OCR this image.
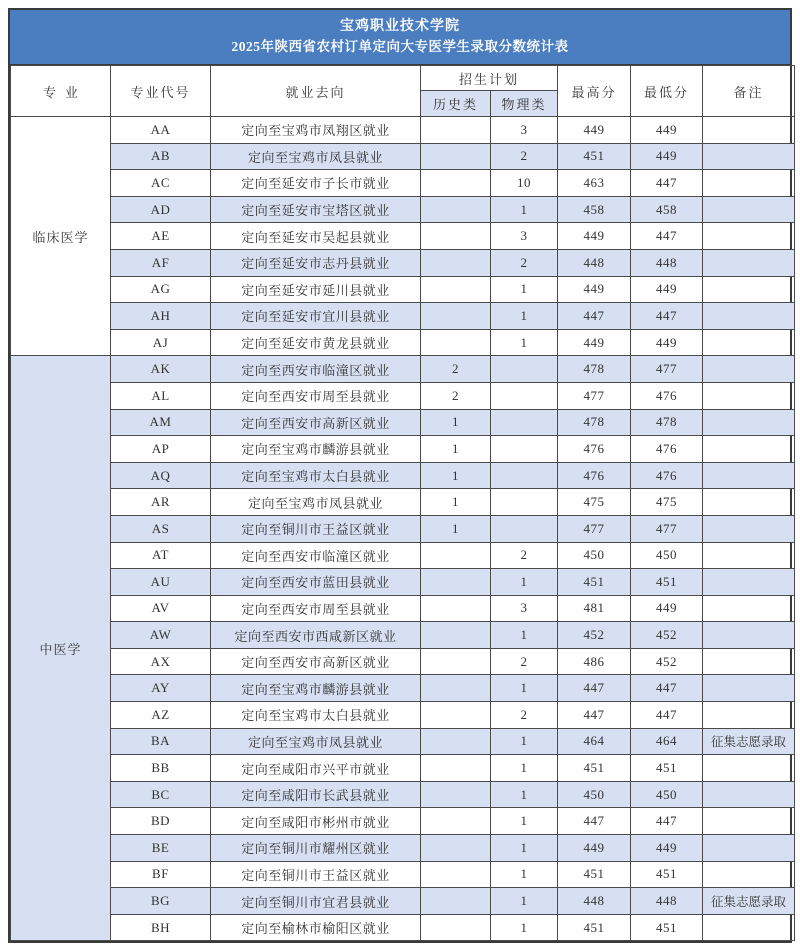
宝鸡职业技术学院
2025年陕西省农村订单定向大专医学生录取分数统计表
专业	专业代号	就业去向	招生计划		最高分	最低分	备注
			历史类	物理类			
临床医学	AA	定向至宝鸡市凤翔区就业		3	449	449	
	AB	定向至宝鸡市凤县就业		2	451	449	
	AC	定向至延安市子长市就业		10	463	447	
	AD	定向至延安市宝塔区就业		1	458	458	
	AE	定向至延安市吴起县就业		3	449	447	
	AF	定向至延安市志丹县就业		2	448	448	
	AG	定向至延安市延川县就业		1	449	449	
	AH	定向至延安市宜川县就业		1	447	447	
	AJ	定向至延安市黄龙县就业		1	449	449	
中医学	AK	定向至西安市临潼区就业	2		478	477	
	AL	定向至西安市周至县就业	2		477	476	
	AM	定向至西安市高新区就业	1		478	478	
	AP	定向至宝鸡市麟游县就业	1		476	476	
	AQ	定向至宝鸡市太白县就业	1		476	476	
	AR	定向至宝鸡市凤县就业	1		475	475	
	AS	定向至铜川市王益区就业	1		477	477	
	AT	定向至西安市临潼区就业		2	450	450	
	AU	定向至西安市蓝田县就业		1	451	451	
	AV	定向至西安市周至县就业		3	481	449	
	AW	定向至西安市西咸新区就业		1	452	452	
	AX	定向至西安市高新区就业		2	486	452	
	AY	定向至宝鸡市麟游县就业		1	447	447	
	AZ	定向至宝鸡市太白县就业		2	447	447	
	BA	定向至宝鸡市凤县就业		1	464	464	征集志愿录取
	BB	定向至咸阳市兴平市就业		1	451	451	
	BC	定向至咸阳市长武县就业		1	450	450	
	BD	定向至咸阳市彬州市就业		1	447	447	
	BE	定向至铜川市耀州区就业		1	449	449	
	BF	定向至铜川市王益区就业		1	451	451	
	BG	定向至铜川市宜君县就业		1	448	448	征集志愿录取
	BH	定向至榆林市榆阳区就业		1	451	451	
